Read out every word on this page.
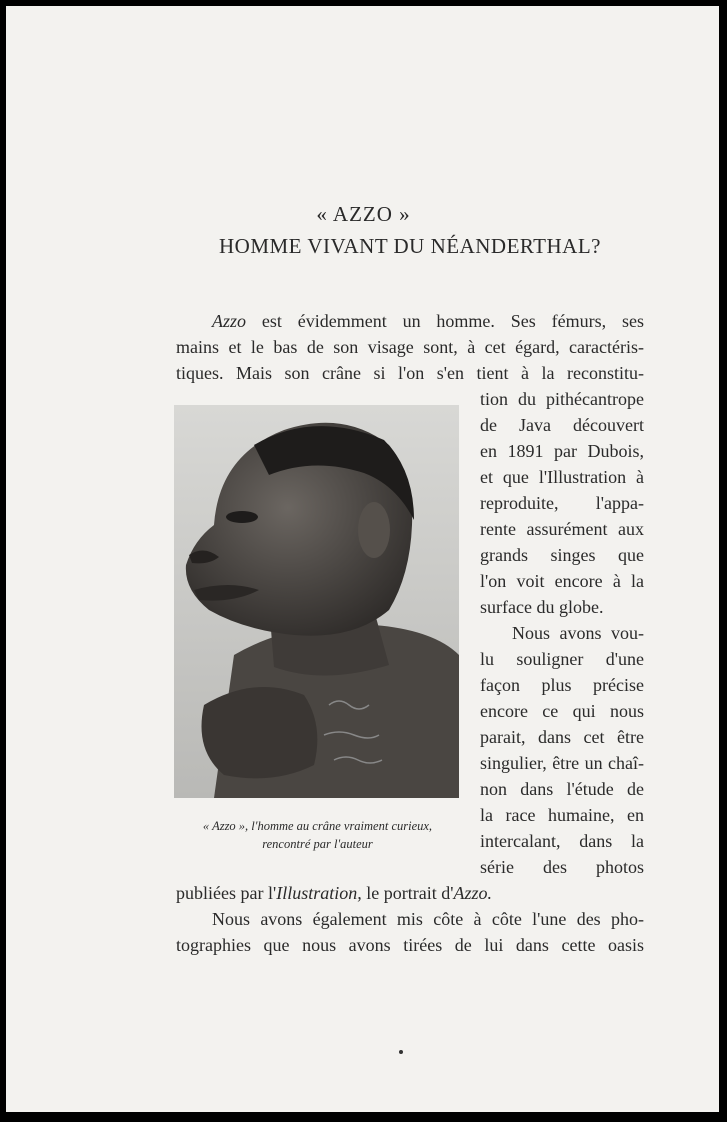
« AZZO »
HOMME VIVANT DU NÉANDERTHAL?
Azzo est évidemment un homme. Ses fémurs, ses
mains et le bas de son visage sont, à cet égard, caractéris-
tiques. Mais son crâne si l'on s'en tient à la reconstitu-
« Azzo », l'homme au crâne vraiment curieux,
rencontré par l'auteur
tion du pithécantrope
de Java découvert
en 1891 par Dubois,
et que l'Illustration à
reproduite, l'appa-
rente assurément aux
grands singes que
l'on voit encore à la
surface du globe.
Nous avons vou-
lu souligner d'une
façon plus précise
encore ce qui nous
parait, dans cet être
singulier, être un chaî-
non dans l'étude de
la race humaine, en
intercalant, dans la
série des photos
publiées par l'Illustration, le portrait d'Azzo.
Nous avons également mis côte à côte l'une des pho-
tographies que nous avons tirées de lui dans cette oasis
